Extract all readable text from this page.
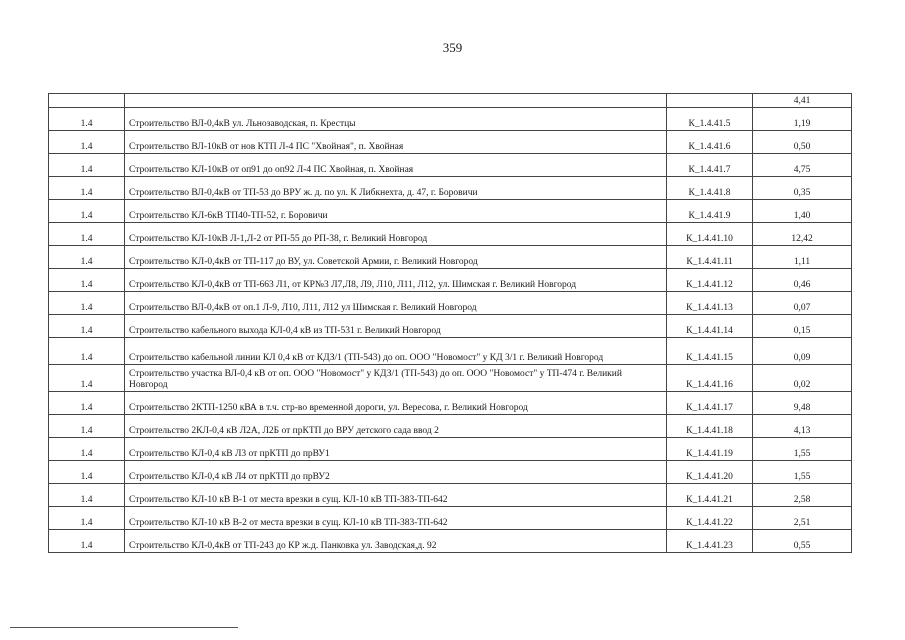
359
			4,41
1.4	Строительство ВЛ-0,4кВ ул. Льнозаводская, п. Крестцы	К_1.4.41.5	1,19
1.4	Строительство ВЛ-10кВ от нов КТП Л-4 ПС "Хвойная", п. Хвойная	К_1.4.41.6	0,50
1.4	Строительство КЛ-10кВ от оп91 до оп92 Л-4 ПС Хвойная, п. Хвойная	К_1.4.41.7	4,75
1.4	Строительство ВЛ-0,4кВ от ТП-53 до ВРУ ж. д. по ул. К Либкнехта, д. 47, г. Боровичи	К_1.4.41.8	0,35
1.4	Строительство КЛ-6кВ ТП40-ТП-52, г. Боровичи	К_1.4.41.9	1,40
1.4	Строительство КЛ-10кВ Л-1,Л-2 от РП-55 до РП-38, г. Великий Новгород	К_1.4.41.10	12,42
1.4	Строительство КЛ-0,4кВ от ТП-117 до ВУ, ул. Советской Армии, г. Великий Новгород	К_1.4.41.11	1,11
1.4	Строительство КЛ-0,4кВ от ТП-663 Л1, от КР№3 Л7,Л8, Л9, Л10, Л11, Л12, ул. Шимская г. Великий Новгород	К_1.4.41.12	0,46
1.4	Строительство ВЛ-0,4кВ от оп.1 Л-9, Л10, Л11, Л12 ул Шимская г. Великий Новгород	К_1.4.41.13	0,07
1.4	Строительство кабельного выхода КЛ-0,4 кВ из ТП-531 г. Великий Новгород	К_1.4.41.14	0,15
1.4	Строительство кабельной линии КЛ 0,4 кВ от КДЗ/1 (ТП-543) до оп. ООО "Новомост" у КД 3/1 г. Великий Новгород	К_1.4.41.15	0,09
1.4	Строительство участка ВЛ-0,4 кВ от оп. ООО "Новомост" у КДЗ/1 (ТП-543) до оп. ООО "Новомост" у ТП-474 г. Великий Новгород	К_1.4.41.16	0,02
1.4	Строительство 2КТП-1250 кВА в т.ч. стр-во временной дороги, ул. Вересова, г. Великий Новгород	К_1.4.41.17	9,48
1.4	Строительство 2КЛ-0,4 кВ Л2А, Л2Б от прКТП до ВРУ детского сада ввод 2	К_1.4.41.18	4,13
1.4	Строительство КЛ-0,4 кВ Л3 от прКТП до прВУ1	К_1.4.41.19	1,55
1.4	Строительство КЛ-0,4 кВ Л4 от прКТП до прВУ2	К_1.4.41.20	1,55
1.4	Строительство КЛ-10 кВ В-1 от места врезки в сущ. КЛ-10 кВ ТП-383-ТП-642	К_1.4.41.21	2,58
1.4	Строительство КЛ-10 кВ В-2 от места врезки в сущ. КЛ-10 кВ ТП-383-ТП-642	К_1.4.41.22	2,51
1.4	Строительство КЛ-0,4кВ от ТП-243 до КР ж.д. Панковка ул. Заводская,д. 92	К_1.4.41.23	0,55
